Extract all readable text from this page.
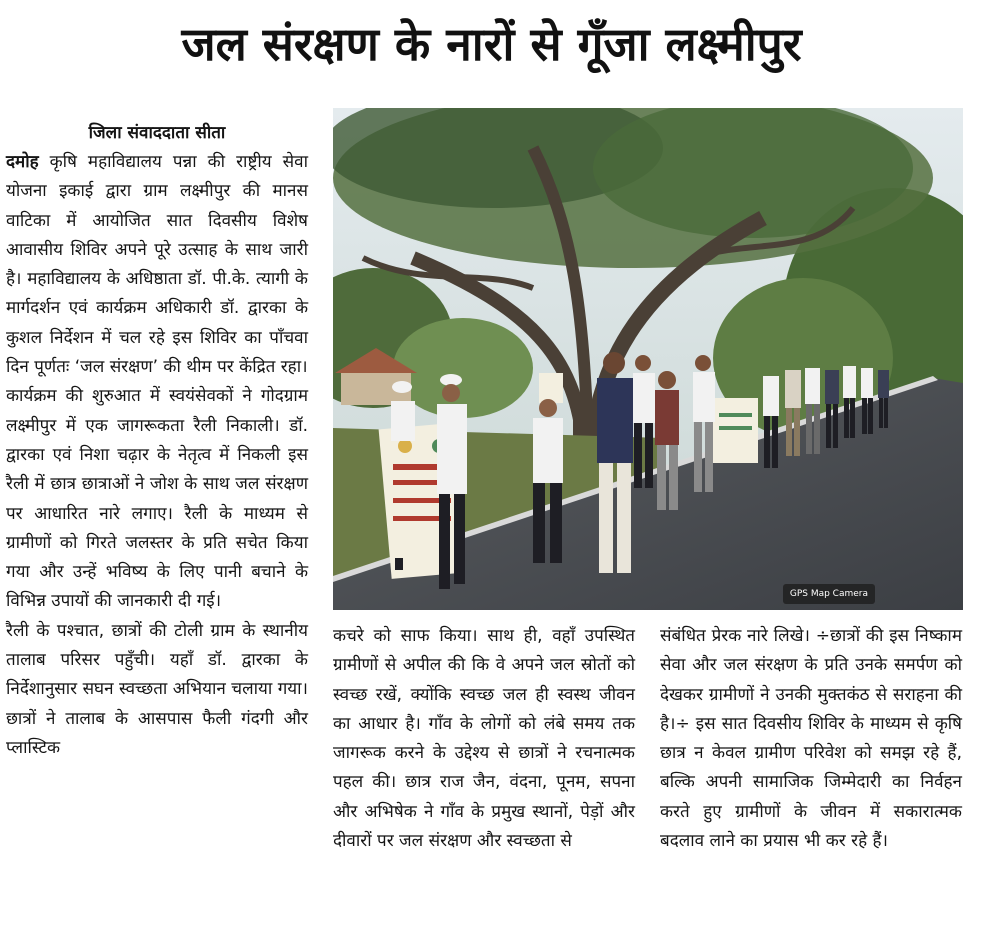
जल संरक्षण के नारों से गूँजा लक्ष्मीपुर
जिला संवाददाता सीता

दमोह कृषि महाविद्यालय पन्ना की राष्ट्रीय सेवा योजना इकाई द्वारा ग्राम लक्ष्मीपुर की मानस वाटिका में आयोजित सात दिवसीय विशेष आवासीय शिविर अपने पूरे उत्साह के साथ जारी है। महाविद्यालय के अधिष्ठाता डॉ. पी.के. त्यागी के मार्गदर्शन एवं कार्यक्रम अधिकारी डॉ. द्वारका के कुशल निर्देशन में चल रहे इस शिविर का पाँचवा दिन पूर्णतः ‘जल संरक्षण’ की थीम पर केंद्रित रहा।

कार्यक्रम की शुरुआत में स्वयंसेवकों ने गोदग्राम लक्ष्मीपुर में एक जागरूकता रैली निकाली। डॉ. द्वारका एवं निशा चढ़ार के नेतृत्व में निकली इस रैली में छात्र छात्राओं ने जोश के साथ जल संरक्षण पर आधारित नारे लगाए। रैली के माध्यम से ग्रामीणों को गिरते जलस्तर के प्रति सचेत किया गया और उन्हें भविष्य के लिए पानी बचाने के विभिन्न उपायों की जानकारी दी गई।

रैली के पश्चात, छात्रों की टोली ग्राम के स्थानीय तालाब परिसर पहुँची। यहाँ डॉ. द्वारका के निर्देशानुसार सघन स्वच्छता अभियान चलाया गया। छात्रों ने तालाब के आसपास फैली गंदगी और प्लास्टिक

GPS Map Camera

कचरे को साफ किया। साथ ही, वहाँ उपस्थित ग्रामीणों से अपील की कि वे अपने जल स्रोतों को स्वच्छ रखें, क्योंकि स्वच्छ जल ही स्वस्थ जीवन का आधार है। गाँव के लोगों को लंबे समय तक जागरूक करने के उद्देश्य से छात्रों ने रचनात्मक पहल की। छात्र राज जैन, वंदना, पूनम, सपना और अभिषेक ने गाँव के प्रमुख स्थानों, पेड़ों और दीवारों पर जल संरक्षण और स्वच्छता से

संबंधित प्रेरक नारे लिखे। ÷छात्रों की इस निष्काम सेवा और जल संरक्षण के प्रति उनके समर्पण को देखकर ग्रामीणों ने उनकी मुक्तकंठ से सराहना की है।÷ इस सात दिवसीय शिविर के माध्यम से कृषि छात्र न केवल ग्रामीण परिवेश को समझ रहे हैं, बल्कि अपनी सामाजिक जिम्मेदारी का निर्वहन करते हुए ग्रामीणों के जीवन में सकारात्मक बदलाव लाने का प्रयास भी कर रहे हैं।
